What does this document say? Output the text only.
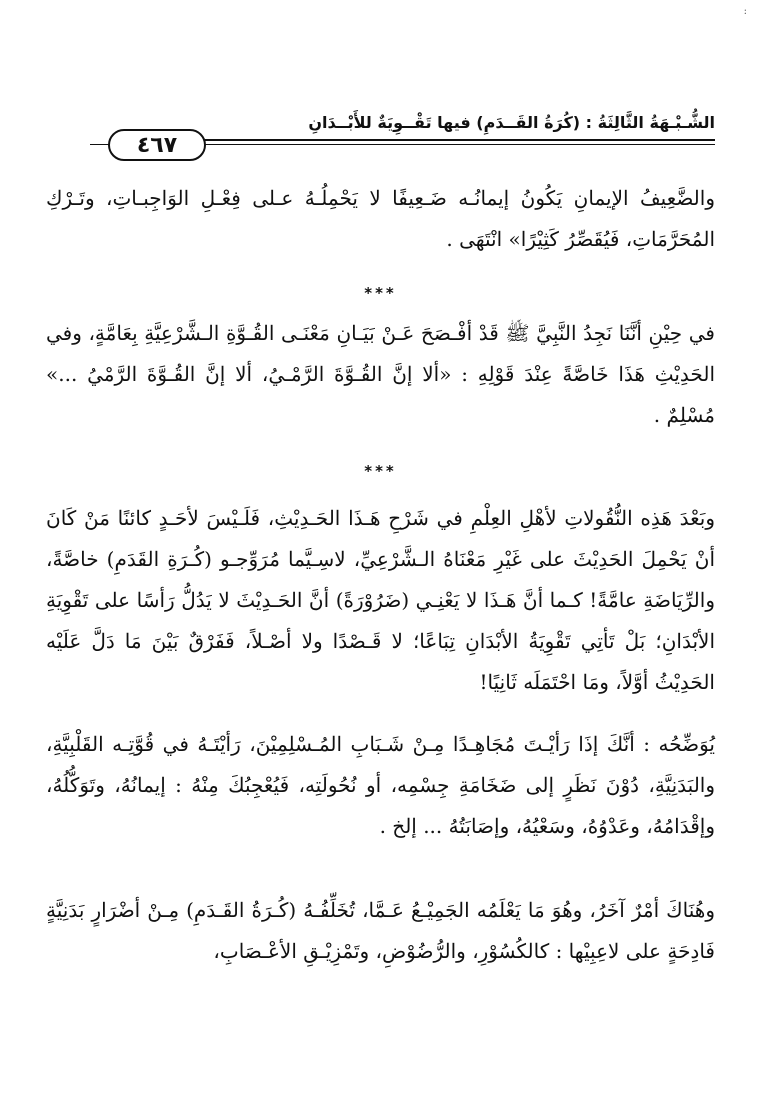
:
الشُّـبْـهَةُ الثَّالِثَةُ : (كُرَةُ القَــدَمِ) فيها تَقْــوِيَةٌ للأَبْــدَانِ
٤٦٧

والضَّعِيفُ الإيمانِ يَكُونُ إيمانُـه ضَـعِيفًا لا يَحْمِلُـهُ عـلى فِعْـلِ الوَاجِبـاتِ، وتَـرْكِ المُحَرَّمَاتِ، فَيُقَصِّرُ كَثِيْرًا» انْتَهَى .

***

في حِيْنِ أنَّنَا نَجِدُ النَّبِيَّ ﷺ قَدْ أفْـصَحَ عَـنْ بَيَـانِ مَعْنَـى القُـوَّةِ الـشَّرْعِيَّةِ بِعَامَّةٍ، وفي الحَدِيْثِ هَذَا خَاصَّةً عِنْدَ قَوْلِهِ : «ألا إنَّ القُـوَّةَ الرَّمْـيُ، ألا إنَّ القُـوَّةَ الرَّمْيُ ...» مُسْلِمٌ .

***

وبَعْدَ هَذِه النُّقُولاتِ لأهْلِ العِلْمِ في شَرْحِ هَـذَا الحَـدِيْثِ، فَلَـيْسَ لأحَـدٍ كائنًا مَنْ كَانَ أنْ يَحْمِلَ الحَدِيْثَ على غَيْرِ مَعْنَاهُ الـشَّرْعِيِّ، لاسِـيَّما مُرَوِّجـو (كُـرَةِ القَدَمِ) خاصَّةً، والرِّيَاضَةِ عامَّةً! كـما أنَّ هَـذَا لا يَعْنِـي (ضَرُوْرَةً) أنَّ الحَـدِيْثَ لا يَدُلُّ رَأسًا على تَقْوِيَةِ الأبْدَانِ؛ بَلْ تَأتِي تَقْوِيَةُ الأبْدَانِ تِبَاعًا؛ لا قَـصْدًا ولا أصْـلاً، فَفَرْقٌ بَيْنَ مَا دَلَّ عَلَيْه الحَدِيْثُ أوَّلاً، ومَا احْتَمَلَه ثَانِيًا!

يُوَضِّحُه : أنَّكَ إذَا رَأيْـتَ مُجَاهِـدًا مِـنْ شَـبَابِ المُـسْلِمِيْنَ، رَأيْتَـهُ في قُوَّتِـه القَلْبِيَّةِ، والبَدَنِيَّةِ، دُوْنَ نَظَرٍ إلى ضَخَامَةِ جِسْمِه، أو نُحُولَتِه، فَيُعْجِبُكَ مِنْهُ : إيمانُهُ، وتَوَكُّلُهُ، وإقْدَامُهُ، وعَدْوُهُ، وسَعْيُهُ، وإصَابَتُهُ ... إلخ .

وهُنَاكَ أمْرٌ آخَرُ، وهُوَ مَا يَعْلَمُه الجَمِيْـعُ عَـمَّا، تُخَلِّفُـهُ (كُـرَةُ القَـدَمِ) مِـنْ أضْرَارٍ بَدَنِيَّةٍ فَادِحَةٍ على لاعِبِيْها : كالكُسُوْرِ، والرُّضُوْضِ، وتَمْزِيْـقِ الأعْـصَابِ،
